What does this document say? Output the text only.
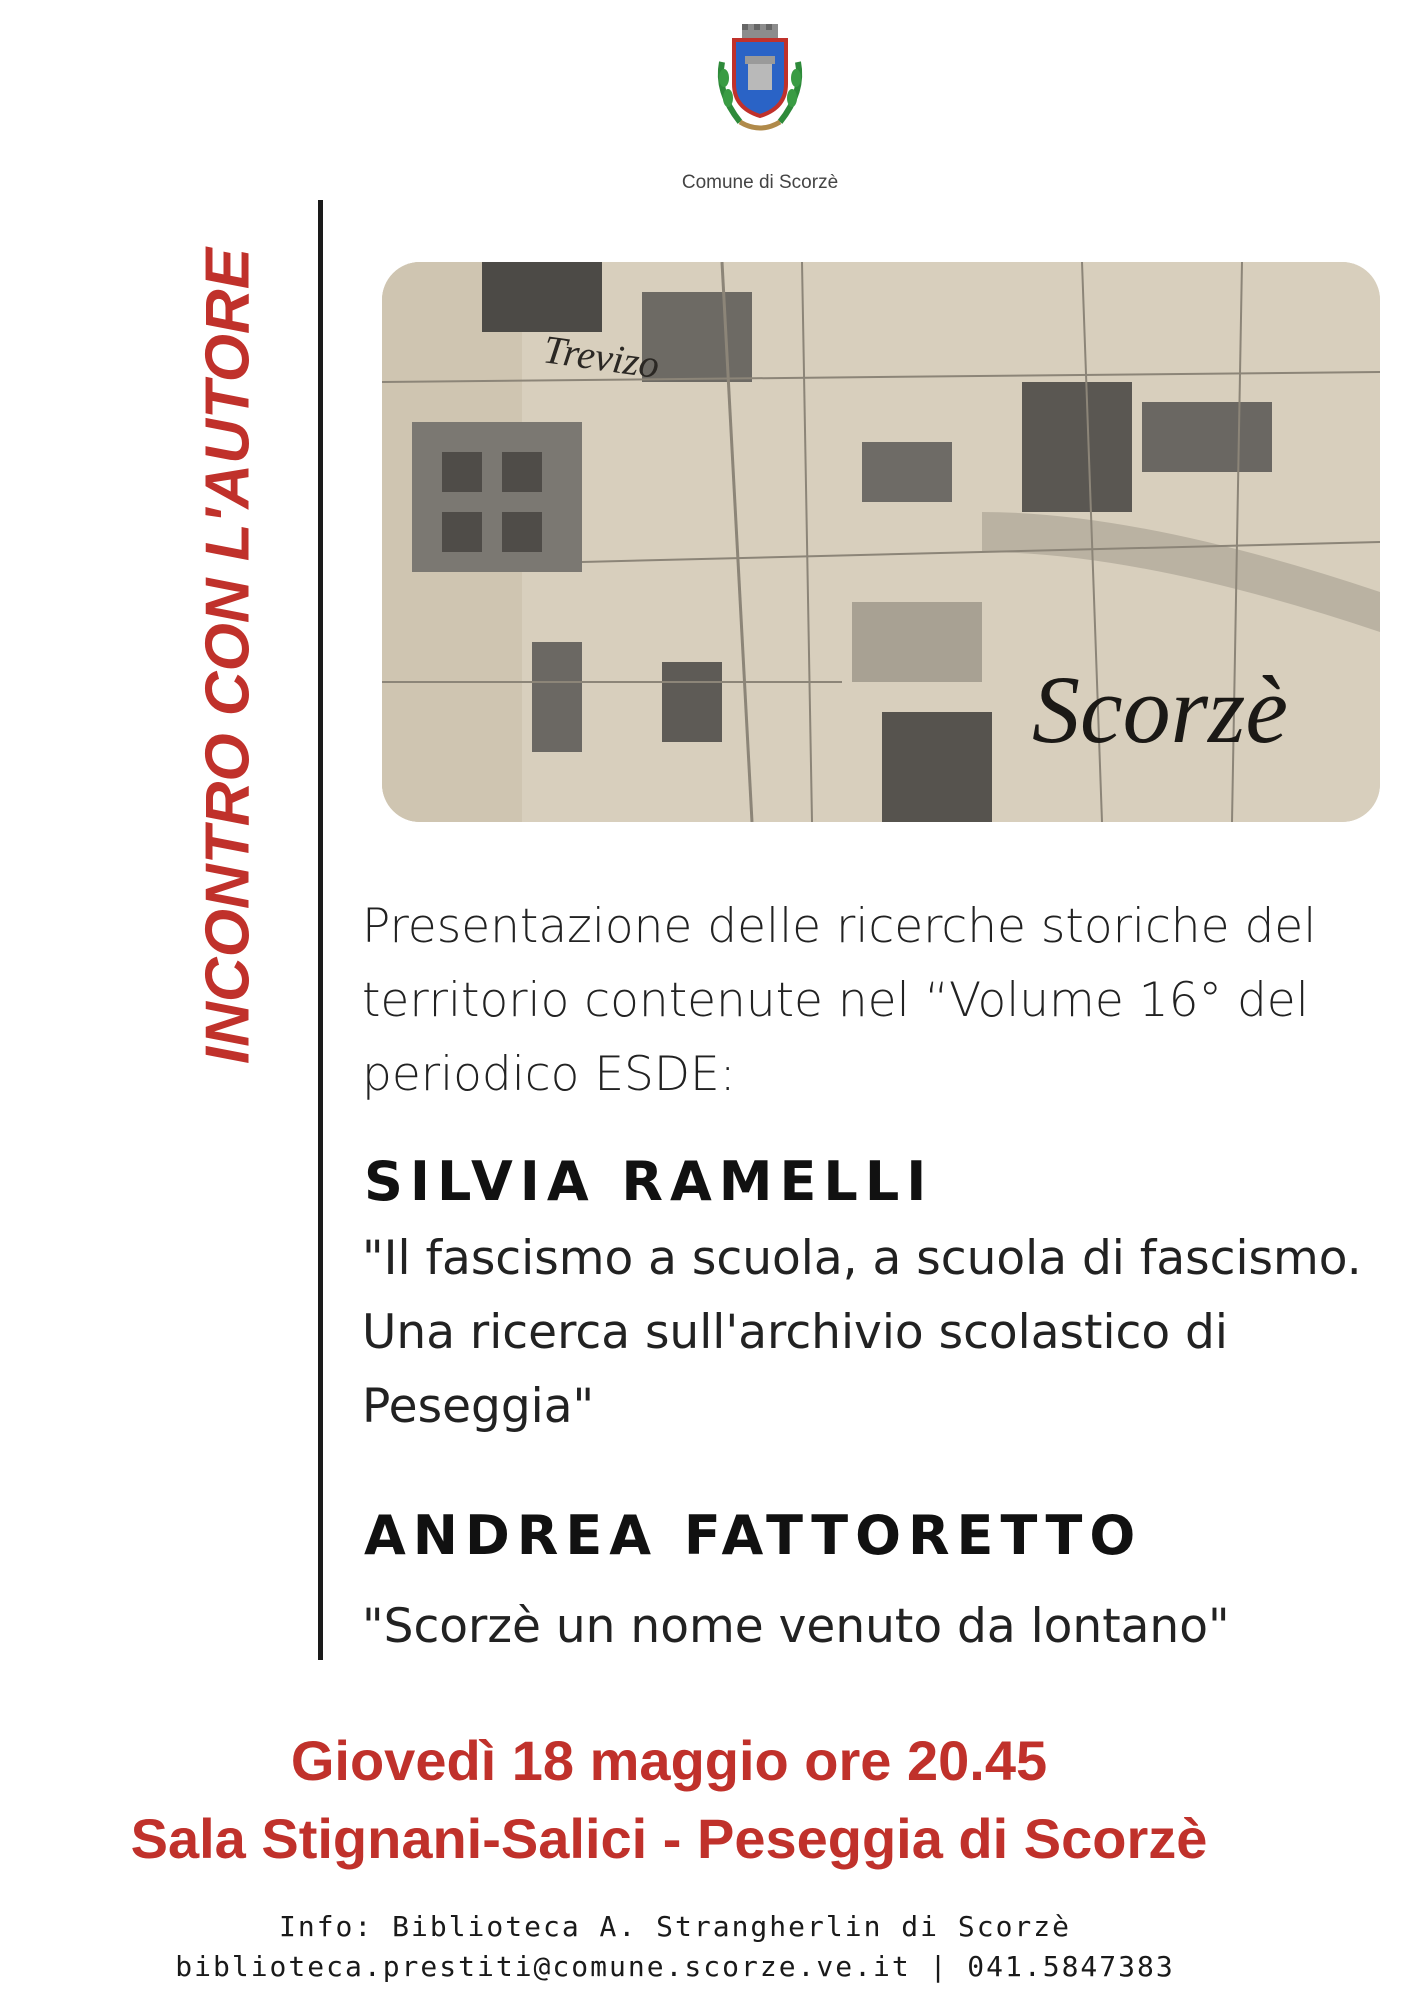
Comune di Scorzè
INCONTRO CON L'AUTORE	Trevizo
Scorzè
Presentazione delle ricerche storiche del
territorio contenute nel “Volume 16° del
periodico ESDE:
SILVIA RAMELLI
"Il fascismo a scuola, a scuola di fascismo.
Una ricerca sull'archivio scolastico di
Peseggia"
ANDREA FATTORETTO
"Scorzè un nome venuto da lontano"
Giovedì 18 maggio ore 20.45
Sala Stignani-Salici - Peseggia di Scorzè
Info: Biblioteca A. Strangherlin di Scorzè
biblioteca.prestiti@comune.scorze.ve.it | 041.5847383
